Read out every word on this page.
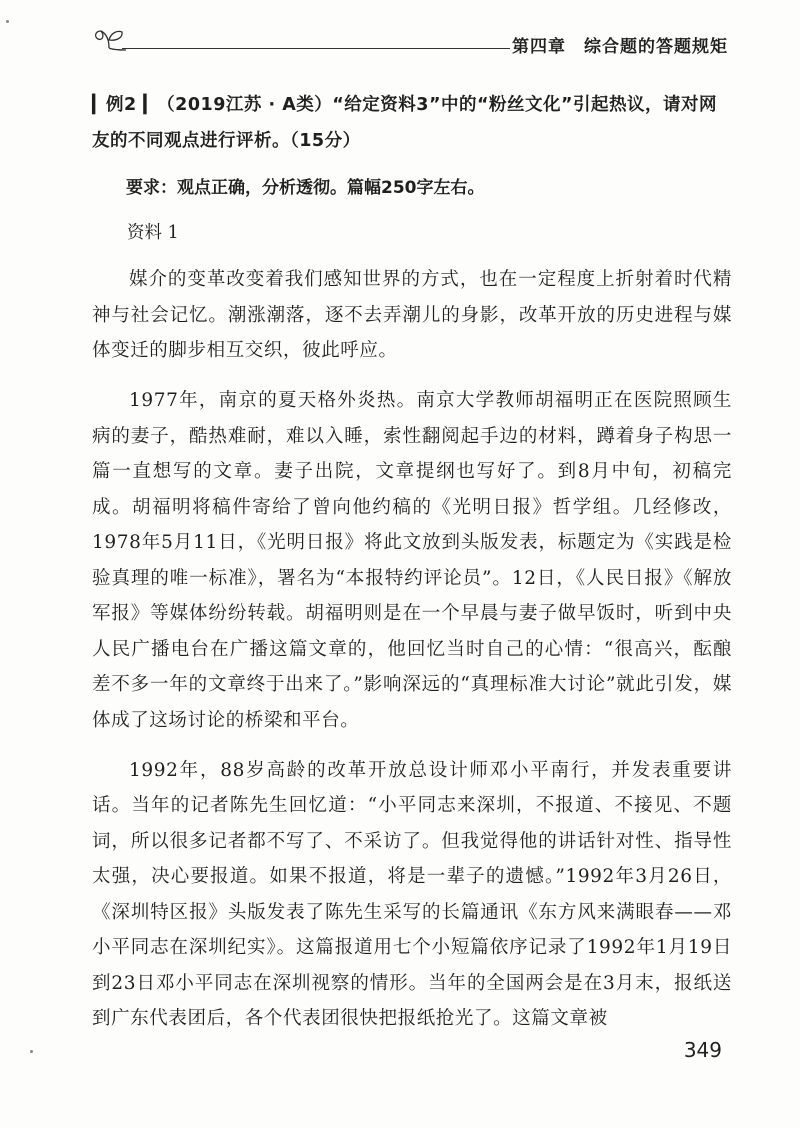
第四章 综合题的答题规矩
▎例2 ▎（2019江苏 · A类）“给定资料3”中的“粉丝文化”引起热议，请对网友的不同观点进行评析。（15分）
要求：观点正确，分析透彻。篇幅250字左右。
资料 1

媒介的变革改变着我们感知世界的方式，也在一定程度上折射着时代精神与社会记忆。潮涨潮落，逐不去弄潮儿的身影，改革开放的历史进程与媒体变迁的脚步相互交织，彼此呼应。

1977年，南京的夏天格外炎热。南京大学教师胡福明正在医院照顾生病的妻子，酷热难耐，难以入睡，索性翻阅起手边的材料，蹲着身子构思一篇一直想写的文章。妻子出院，文章提纲也写好了。到8月中旬，初稿完成。胡福明将稿件寄给了曾向他约稿的《光明日报》哲学组。几经修改，1978年5月11日，《光明日报》将此文放到头版发表，标题定为《实践是检验真理的唯一标准》，署名为“本报特约评论员”。12日，《人民日报》《解放军报》等媒体纷纷转载。胡福明则是在一个早晨与妻子做早饭时，听到中央人民广播电台在广播这篇文章的，他回忆当时自己的心情：“很高兴，酝酿差不多一年的文章终于出来了。”影响深远的“真理标准大讨论”就此引发，媒体成了这场讨论的桥梁和平台。

1992年，88岁高龄的改革开放总设计师邓小平南行，并发表重要讲话。当年的记者陈先生回忆道：“小平同志来深圳，不报道、不接见、不题词，所以很多记者都不写了、不采访了。但我觉得他的讲话针对性、指导性太强，决心要报道。如果不报道，将是一辈子的遗憾。”1992年3月26日，《深圳特区报》头版发表了陈先生采写的长篇通讯《东方风来满眼春——邓小平同志在深圳纪实》。这篇报道用七个小短篇依序记录了1992年1月19日到23日邓小平同志在深圳视察的情形。当年的全国两会是在3月末，报纸送到广东代表团后，各个代表团很快把报纸抢光了。这篇文章被

349
